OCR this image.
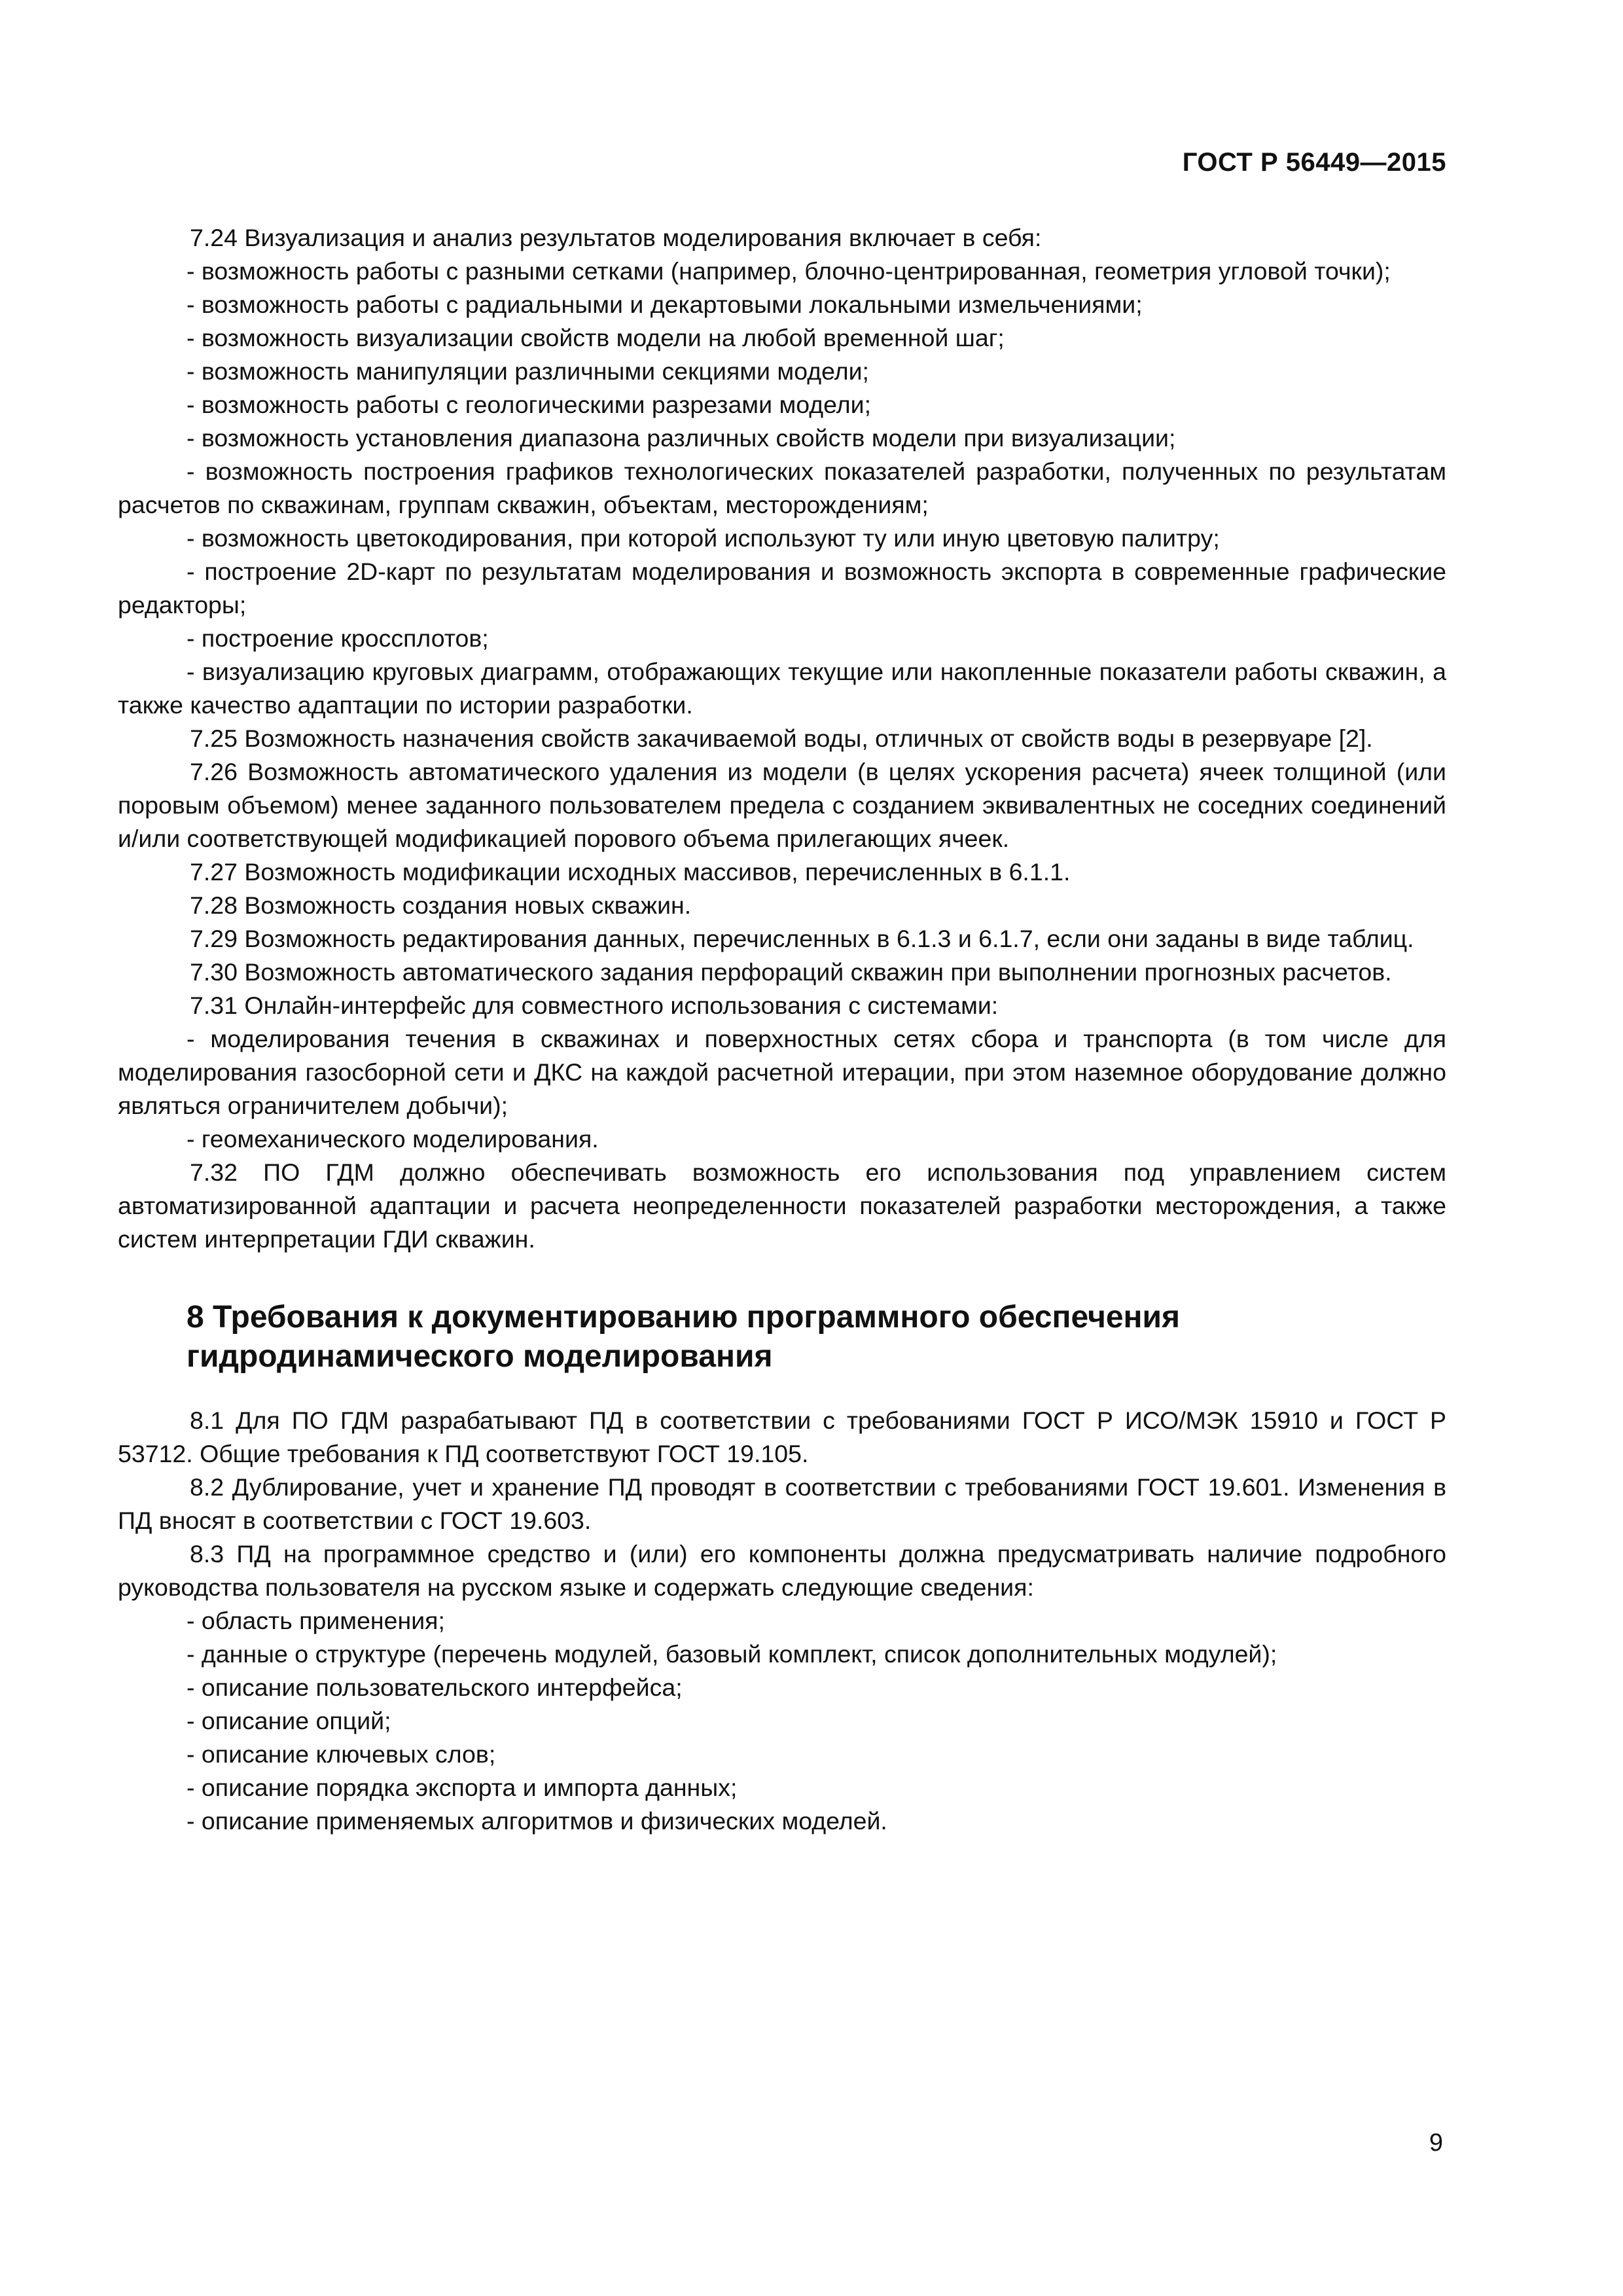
ГОСТ Р 56449—2015

7.24 Визуализация и анализ результатов моделирования включает в себя:

- возможность работы с разными сетками (например, блочно-центрированная, геометрия угловой точки);

- возможность работы с радиальными и декартовыми локальными измельчениями;

- возможность визуализации свойств модели на любой временной шаг;

- возможность манипуляции различными секциями модели;

- возможность работы с геологическими разрезами модели;

- возможность установления диапазона различных свойств модели при визуализации;

- возможность построения графиков технологических показателей разработки, полученных по результатам расчетов по скважинам, группам скважин, объектам, месторождениям;

- возможность цветокодирования, при которой используют ту или иную цветовую палитру;

- построение 2D-карт по результатам моделирования и возможность экспорта в современные графические редакторы;

- построение кроссплотов;

- визуализацию круговых диаграмм, отображающих текущие или накопленные показатели работы скважин, а также качество адаптации по истории разработки.

7.25 Возможность назначения свойств закачиваемой воды, отличных от свойств воды в резервуаре [2].

7.26 Возможность автоматического удаления из модели (в целях ускорения расчета) ячеек толщиной (или поровым объемом) менее заданного пользователем предела с созданием эквивалентных не соседних соединений и/или соответствующей модификацией порового объема прилегающих ячеек.

7.27 Возможность модификации исходных массивов, перечисленных в 6.1.1.

7.28 Возможность создания новых скважин.

7.29 Возможность редактирования данных, перечисленных в 6.1.3 и 6.1.7, если они заданы в виде таблиц.

7.30 Возможность автоматического задания перфораций скважин при выполнении прогнозных расчетов.

7.31 Онлайн-интерфейс для совместного использования с системами:

- моделирования течения в скважинах и поверхностных сетях сбора и транспорта (в том числе для моделирования газосборной сети и ДКС на каждой расчетной итерации, при этом наземное оборудование должно являться ограничителем добычи);

- геомеханического моделирования.

7.32 ПО ГДМ должно обеспечивать возможность его использования под управлением систем автоматизированной адаптации и расчета неопределенности показателей разработки месторождения, а также систем интерпретации ГДИ скважин.

8 Требования к документированию программного обеспечения гидродинамического моделирования

8.1 Для ПО ГДМ разрабатывают ПД в соответствии с требованиями ГОСТ Р ИСО/МЭК 15910 и ГОСТ Р 53712. Общие требования к ПД соответствуют ГОСТ 19.105.

8.2 Дублирование, учет и хранение ПД проводят в соответствии с требованиями ГОСТ 19.601. Изменения в ПД вносят в соответствии с ГОСТ 19.603.

8.3 ПД на программное средство и (или) его компоненты должна предусматривать наличие подробного руководства пользователя на русском языке и содержать следующие сведения:

- область применения;

- данные о структуре (перечень модулей, базовый комплект, список дополнительных модулей);

- описание пользовательского интерфейса;

- описание опций;

- описание ключевых слов;

- описание порядка экспорта и импорта данных;

- описание применяемых алгоритмов и физических моделей.

9
